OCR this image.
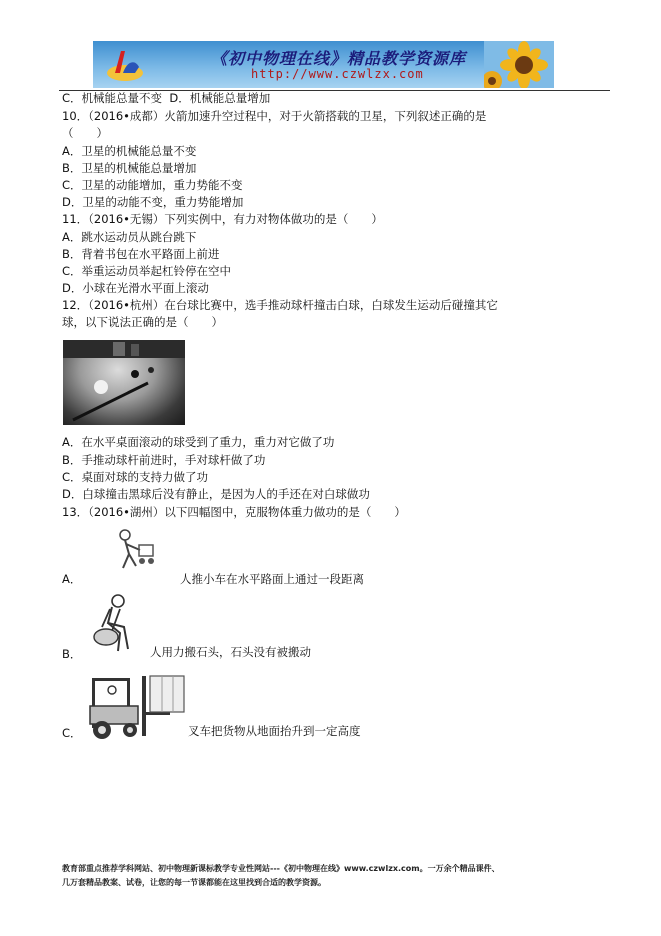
《初中物理在线》精品教学资源库
http://www.czwlzx.com
C．机械能总量不变  D．机械能总量增加
10．（2016•成都）火箭加速升空过程中，对于火箭搭载的卫星，下列叙述正确的是
（　　）
A．卫星的机械能总量不变
B．卫星的机械能总量增加
C．卫星的动能增加，重力势能不变
D．卫星的动能不变，重力势能增加
11．（2016•无锡）下列实例中，有力对物体做功的是（　　）
A．跳水运动员从跳台跳下
B．背着书包在水平路面上前进
C．举重运动员举起杠铃停在空中
D．小球在光滑水平面上滚动
12．（2016•杭州）在台球比赛中，选手推动球杆撞击白球，白球发生运动后碰撞其它
球，以下说法正确的是（　　）
A．在水平桌面滚动的球受到了重力，重力对它做了功
B．手推动球杆前进时，手对球杆做了功
C．桌面对球的支持力做了功
D．白球撞击黑球后没有静止，是因为人的手还在对白球做功
13．（2016•湖州）以下四幅图中，克服物体重力做功的是（　　）
A．	人推小车在水平路面上通过一段距离
B．	人用力搬石头，石头没有被搬动
C．	叉车把货物从地面抬升到一定高度
教育部重点推荐学科网站、初中物理新课标教学专业性网站---《初中物理在线》www.czwlzx.com。一万余个精品课件、
几万套精品教案、试卷，让您的每一节课都能在这里找到合适的教学资源。
